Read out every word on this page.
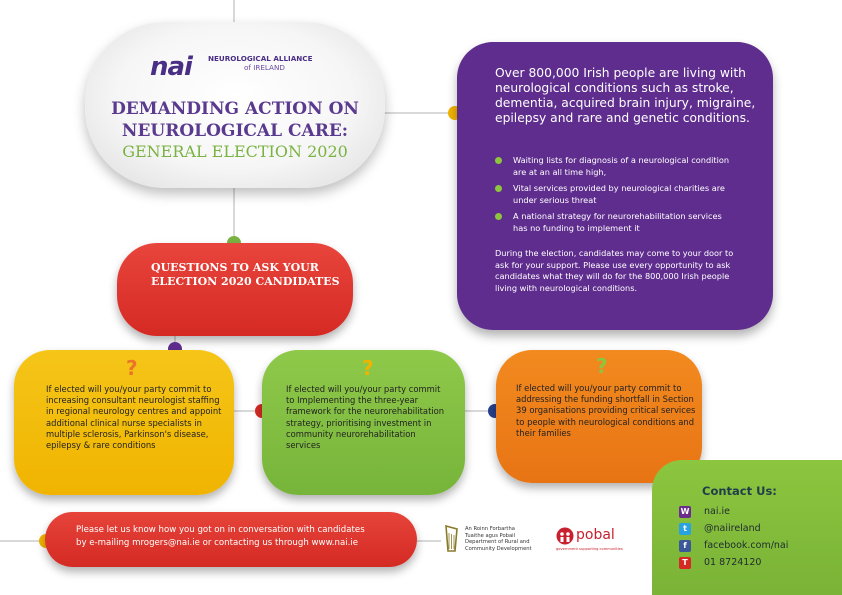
nai NEUROLOGICAL ALLIANCE
of IRELAND
DEMANDING ACTION ON NEUROLOGICAL CARE:
GENERAL ELECTION 2020
Over 800,000 Irish people are living with neurological conditions such as stroke, dementia, acquired brain injury, migraine, epilepsy and rare and genetic conditions.
Waiting lists for diagnosis of a neurological condition are at an all time high,
Vital services provided by neurological charities are under serious threat
A national strategy for neurorehabilitation services has no funding to implement it
During the election, candidates may come to your door to ask for your support. Please use every opportunity to ask candidates what they will do for the 800,000 Irish people living with neurological conditions.
QUESTIONS TO ASK YOUR ELECTION 2020 CANDIDATES
?
If elected will you/your party commit to increasing consultant neurologist staffing in regional neurology centres and appoint additional clinical nurse specialists in multiple sclerosis, Parkinson's disease, epilepsy & rare conditions
?
If elected will you/your party commit to Implementing the three-year framework for the neurorehabilitation strategy, prioritising investment in community neurorehabilitation services
?
If elected will you/your party commit to addressing the funding shortfall in Section 39 organisations providing critical services to people with neurological conditions and their families
Please let us know how you got on in conversation with candidates
by e-mailing mrogers@nai.ie or contacting us through www.nai.ie
An Roinn Forbartha
Tuaithe agus Pobail
Department of Rural and
Community Development
pobal
government supporting communities
Contact Us:
W nai.ie
t	@naiireland
f	facebook.com/nai
T	01 8724120
